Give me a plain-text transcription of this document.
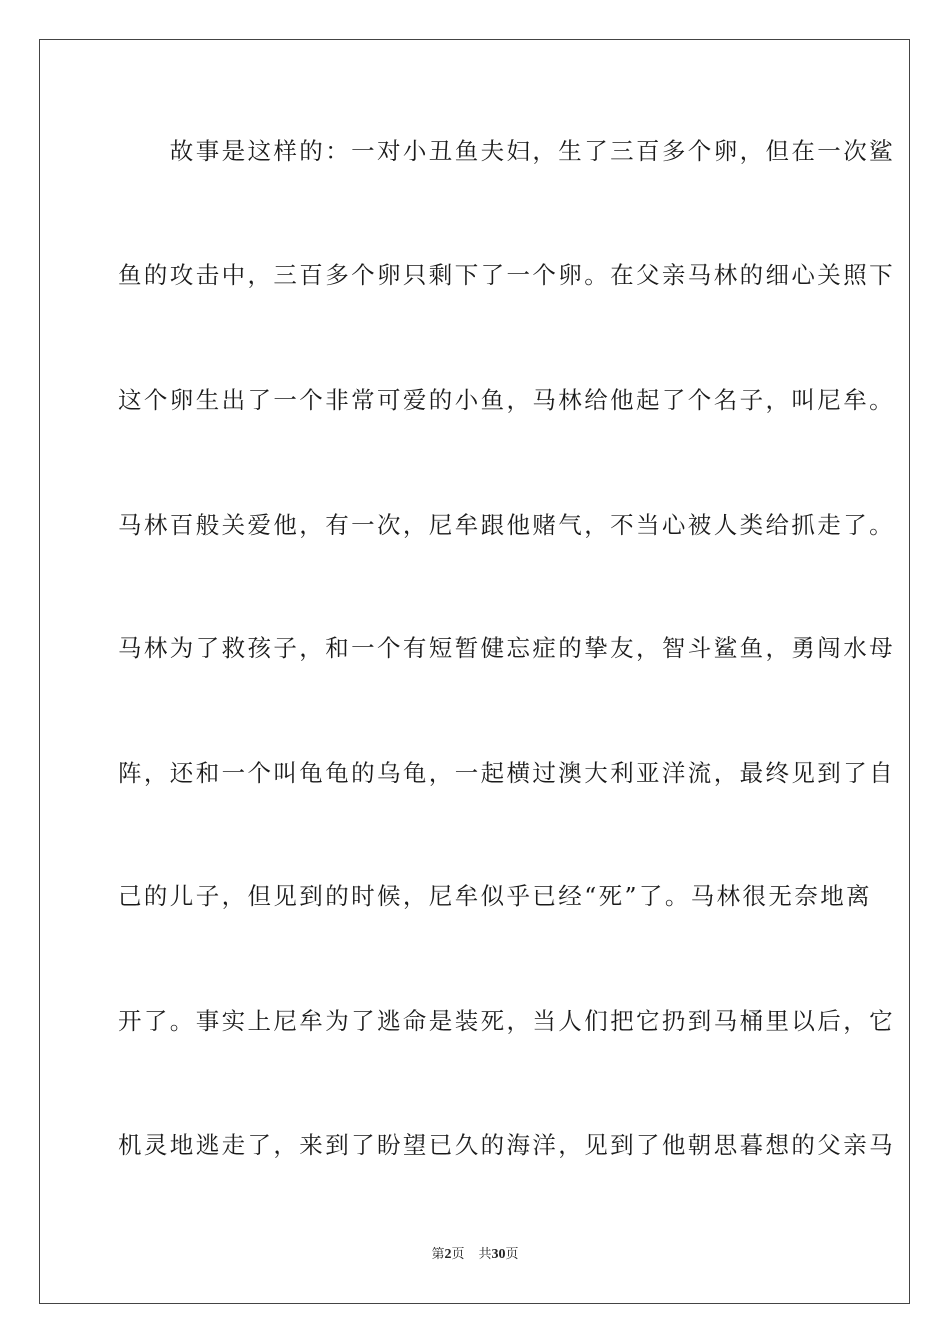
　　故事是这样的：一对小丑鱼夫妇，生了三百多个卵，但在一次鲨
鱼的攻击中，三百多个卵只剩下了一个卵。在父亲马林的细心关照下
这个卵生出了一个非常可爱的小鱼，马林给他起了个名子，叫尼牟。
马林百般关爱他，有一次，尼牟跟他赌气，不当心被人类给抓走了。
马林为了救孩子，和一个有短暂健忘症的挚友，智斗鲨鱼，勇闯水母
阵，还和一个叫龟龟的乌龟，一起横过澳大利亚洋流，最终见到了自
己的儿子，但见到的时候，尼牟似乎已经“死”了。马林很无奈地离
开了。事实上尼牟为了逃命是装死，当人们把它扔到马桶里以后，它
机灵地逃走了，来到了盼望已久的海洋，见到了他朝思暮想的父亲马
第2页 共30页
